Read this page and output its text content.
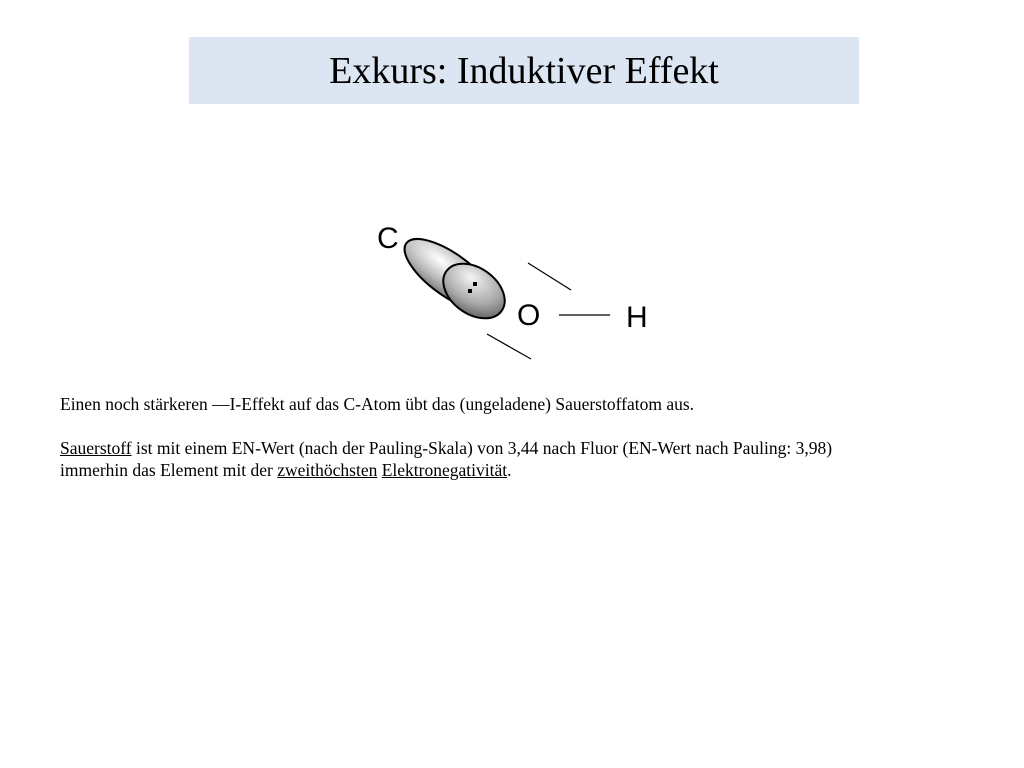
Exkurs: Induktiver Effekt
C
O	H

Einen noch stärkeren —I-Effekt auf das C-Atom übt das (ungeladene) Sauerstoffatom aus.

Sauerstoff ist mit einem EN-Wert (nach der Pauling-Skala) von 3,44 nach Fluor (EN-Wert nach Pauling: 3,98)
immerhin das Element mit der zweithöchsten Elektronegativität.
